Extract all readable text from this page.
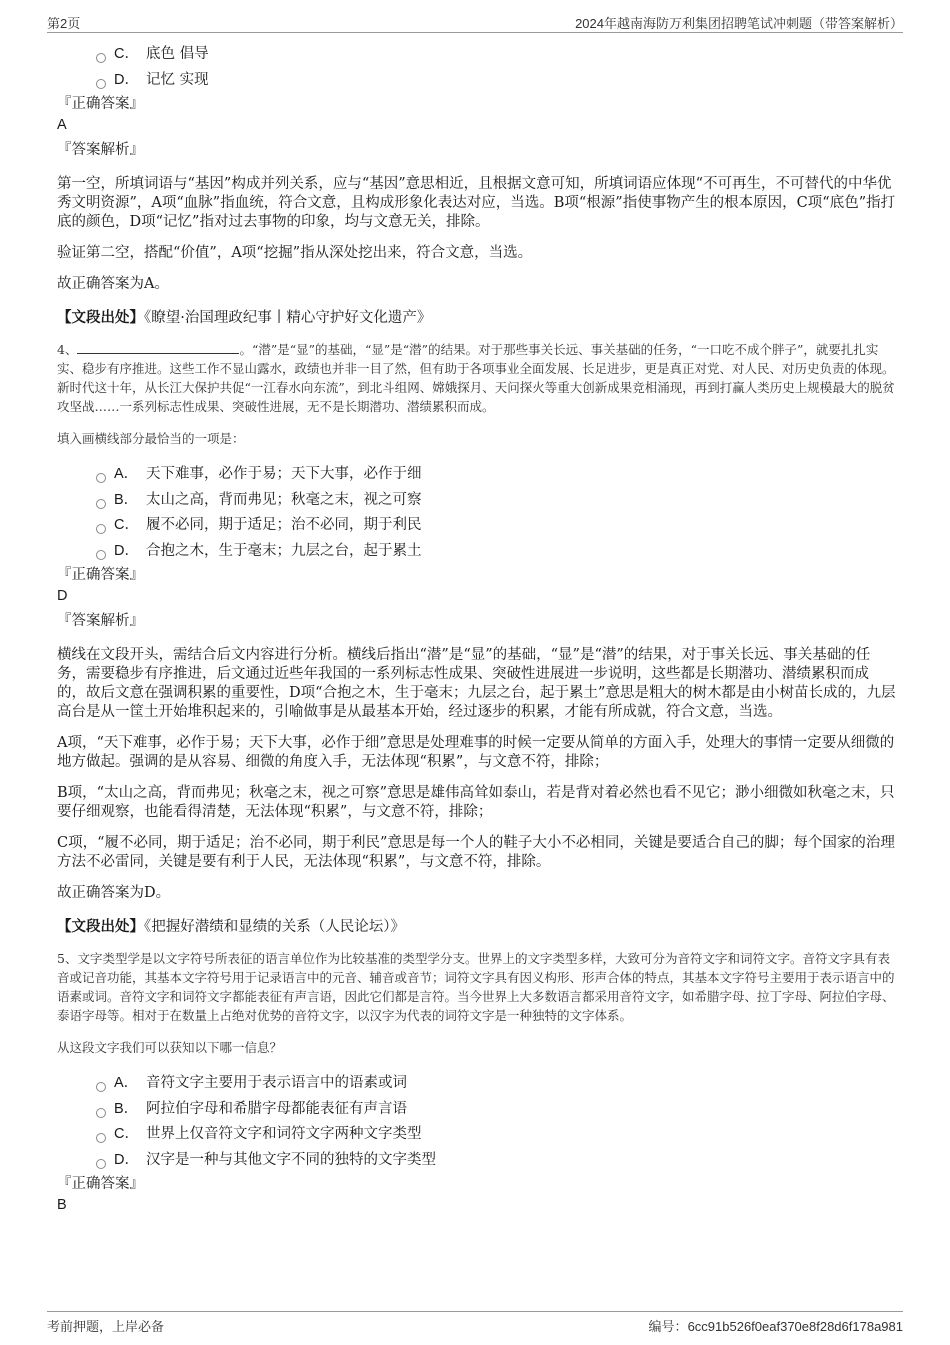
第2页	2024年越南海防万利集团招聘笔试冲刺题（带答案解析）
C． 底色 倡导
D． 记忆 实现
『正确答案』
A
『答案解析』
第一空，所填词语与“基因”构成并列关系，应与“基因”意思相近，且根据文意可知，所填词语应体现“不可再生，不可替代的中华优秀文明资源”，A项“血脉”指血统，符合文意，且构成形象化表达对应，当选。B项“根源”指使事物产生的根本原因，C项“底色”指打底的颜色，D项“记忆”指对过去事物的印象，均与文意无关，排除。
验证第二空，搭配“价值”，A项“挖掘”指从深处挖出来，符合文意，当选。
故正确答案为A。
【文段出处】《瞭望·治国理政纪事丨精心守护好文化遗产》
4、	。“潜”是“显”的基础，“显”是“潜”的结果。对于那些事关长远、事关基础的任务，“一口吃不成个胖子”，就要扎扎实实、稳步有序推进。这些工作不显山露水，政绩也并非一目了然，但有助于各项事业全面发展、长足进步，更是真正对党、对人民、对历史负责的体现。新时代这十年，从长江大保护共促“一江春水向东流”，到北斗组网、嫦娥探月、天问探火等重大创新成果竞相涌现，再到打赢人类历史上规模最大的脱贫攻坚战……一系列标志性成果、突破性进展，无不是长期潜功、潜绩累积而成。
填入画横线部分最恰当的一项是：
A． 天下难事，必作于易；天下大事，必作于细
B． 太山之高，背而弗见；秋毫之末，视之可察
C． 履不必同，期于适足；治不必同，期于利民
D． 合抱之木，生于毫末；九层之台，起于累土
『正确答案』
D
『答案解析』
横线在文段开头，需结合后文内容进行分析。横线后指出“潜”是“显”的基础，“显”是“潜”的结果，对于事关长远、事关基础的任务，需要稳步有序推进，后文通过近些年我国的一系列标志性成果、突破性进展进一步说明，这些都是长期潜功、潜绩累积而成的，故后文意在强调积累的重要性，D项“合抱之木，生于毫末；九层之台，起于累土”意思是粗大的树木都是由小树苗长成的，九层高台是从一筐土开始堆积起来的，引喻做事是从最基本开始，经过逐步的积累，才能有所成就，符合文意，当选。
A项，“天下难事，必作于易；天下大事，必作于细”意思是处理难事的时候一定要从简单的方面入手，处理大的事情一定要从细微的地方做起。强调的是从容易、细微的角度入手，无法体现“积累”，与文意不符，排除；
B项，“太山之高，背而弗见；秋毫之末，视之可察”意思是雄伟高耸如泰山，若是背对着必然也看不见它；渺小细微如秋毫之末，只要仔细观察，也能看得清楚，无法体现“积累”，与文意不符，排除；
C项，“履不必同，期于适足；治不必同，期于利民”意思是每一个人的鞋子大小不必相同，关键是要适合自己的脚；每个国家的治理方法不必雷同，关键是要有利于人民，无法体现“积累”，与文意不符，排除。
故正确答案为D。
【文段出处】《把握好潜绩和显绩的关系（人民论坛）》
5、文字类型学是以文字符号所表征的语言单位作为比较基准的类型学分支。世界上的文字类型多样，大致可分为音符文字和词符文字。音符文字具有表音或记音功能，其基本文字符号用于记录语言中的元音、辅音或音节；词符文字具有因义构形、形声合体的特点，其基本文字符号主要用于表示语言中的语素或词。音符文字和词符文字都能表征有声言语，因此它们都是言符。当今世界上大多数语言都采用音符文字，如希腊字母、拉丁字母、阿拉伯字母、泰语字母等。相对于在数量上占绝对优势的音符文字，以汉字为代表的词符文字是一种独特的文字体系。
从这段文字我们可以获知以下哪一信息？
A． 音符文字主要用于表示语言中的语素或词
B． 阿拉伯字母和希腊字母都能表征有声言语
C． 世界上仅音符文字和词符文字两种文字类型
D． 汉字是一种与其他文字不同的独特的文字类型
『正确答案』
B
考前押题，上岸必备	编号：6cc91b526f0eaf370e8f28d6f178a981
